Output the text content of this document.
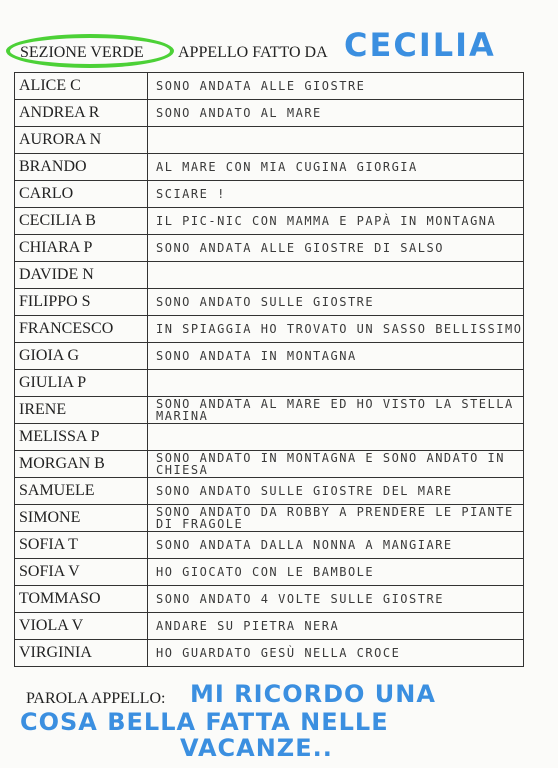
SEZIONE VERDE APPELLO FATTO DA CECILIA
ALICE C	SONO ANDATA ALLE GIOSTRE
ANDREA R	SONO ANDATO AL MARE
AURORA N	
BRANDO	AL MARE CON MIA CUGINA GIORGIA
CARLO	SCIARE !
CECILIA B	IL PIC-NIC CON MAMMA E PAPÀ IN MONTAGNA
CHIARA P	SONO ANDATA ALLE GIOSTRE DI SALSO
DAVIDE N	
FILIPPO S	SONO ANDATO SULLE GIOSTRE
FRANCESCO	IN SPIAGGIA HO TROVATO UN SASSO BELLISSIMO
GIOIA G	SONO ANDATA IN MONTAGNA
GIULIA P	
IRENE	SONO ANDATA AL MARE ED HO VISTO LA STELLA MARINA
MELISSA P	
MORGAN B	SONO ANDATO IN MONTAGNA E SONO ANDATO IN CHIESA
SAMUELE	SONO ANDATO SULLE GIOSTRE DEL MARE
SIMONE	SONO ANDATO DA ROBBY A PRENDERE LE PIANTE DI FRAGOLE
SOFIA T	SONO ANDATA DALLA NONNA A MANGIARE
SOFIA V	HO GIOCATO CON LE BAMBOLE
TOMMASO	SONO ANDATO 4 VOLTE SULLE GIOSTRE
VIOLA V	ANDARE SU PIETRA NERA
VIRGINIA	HO GUARDATO GESÙ NELLA CROCE
PAROLA APPELLO: MI RICORDO UNA
COSA BELLA FATTA NELLE
VACANZE..
